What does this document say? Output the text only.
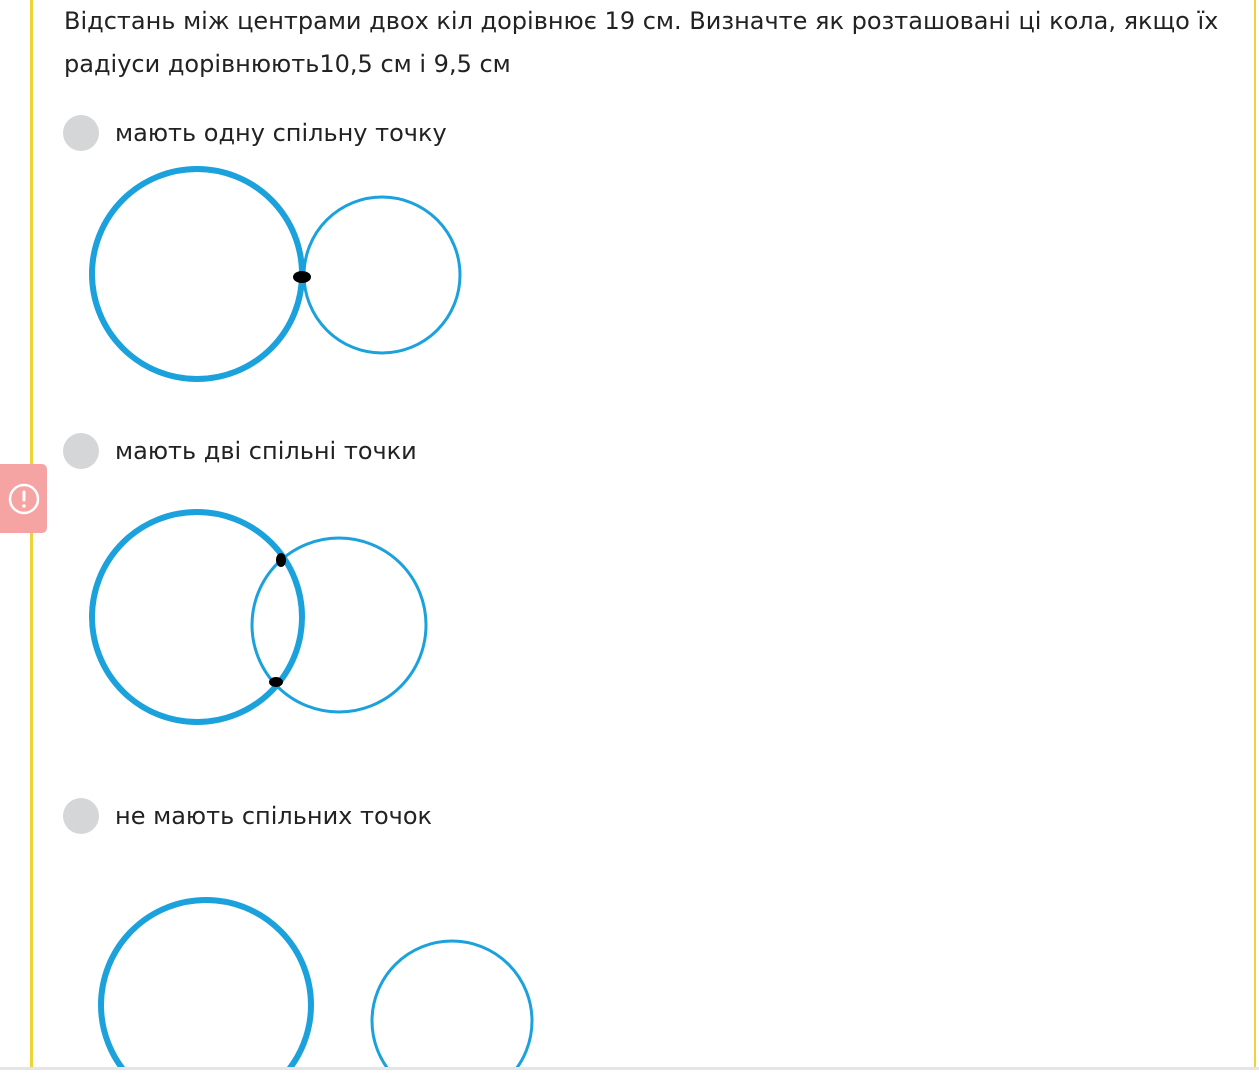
Відстань між центрами двох кіл дорівнює 19 см. Визначте як розташовані ці кола, якщо їх радіуси дорівнюють10,5 см і 9,5 см
мають одну спільну точку
мають дві спільні точки
не мають спільних точок
